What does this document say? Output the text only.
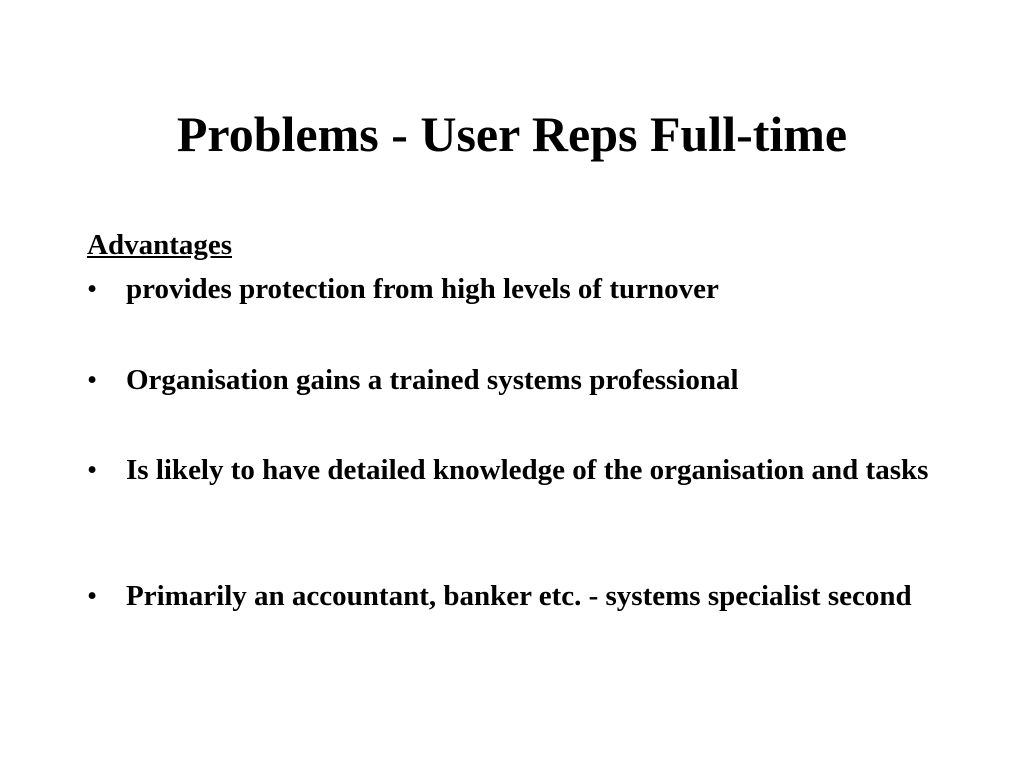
Problems - User Reps Full-time
Advantages
• provides protection from high levels of turnover
• Organisation gains a trained systems professional
• Is likely to have detailed knowledge of the organisation and tasks
• Primarily an accountant, banker etc. - systems specialist second
